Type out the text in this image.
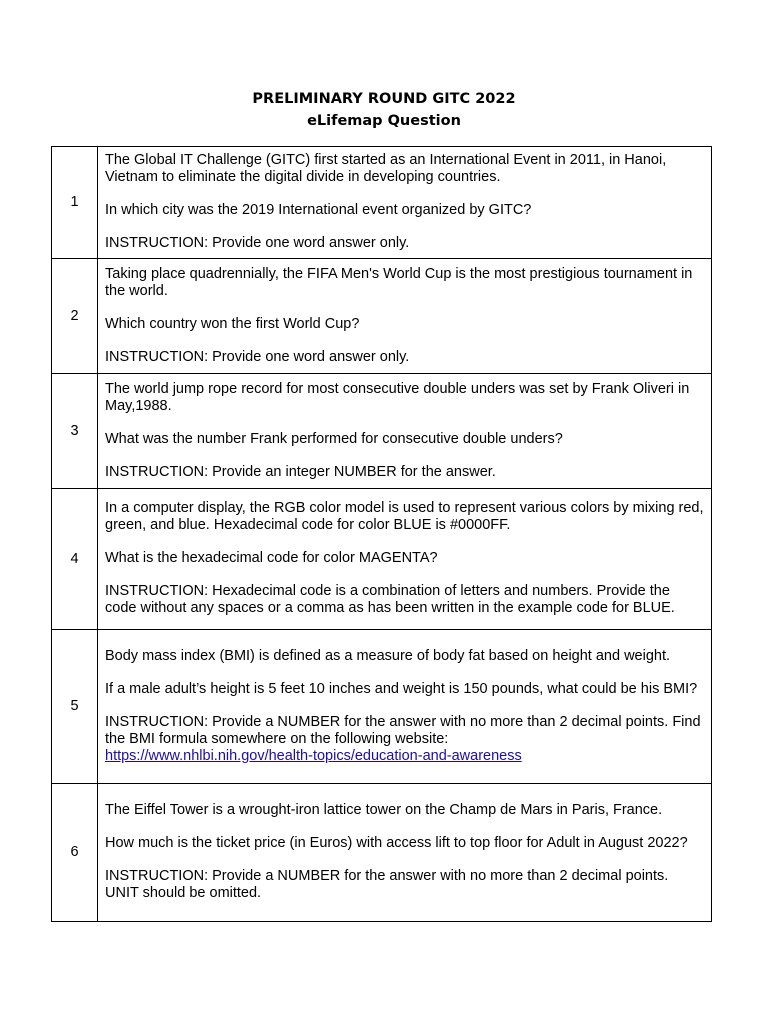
PRELIMINARY ROUND GITC 2022
eLifemap Question
1	The Global IT Challenge (GITC) first started as an International Event in 2011, in Hanoi, Vietnam to eliminate the digital divide in developing countries.

In which city was the 2019 International event organized by GITC?

INSTRUCTION: Provide one word answer only.

2	Taking place quadrennially, the FIFA Men's World Cup is the most prestigious tournament in the world.

Which country won the first World Cup?

INSTRUCTION: Provide one word answer only.

3	The world jump rope record for most consecutive double unders was set by Frank Oliveri in May,1988.

What was the number Frank performed for consecutive double unders?

INSTRUCTION: Provide an integer NUMBER for the answer.

4	In a computer display, the RGB color model is used to represent various colors by mixing red, green, and blue. Hexadecimal code for color BLUE is #0000FF.

What is the hexadecimal code for color MAGENTA?

INSTRUCTION: Hexadecimal code is a combination of letters and numbers. Provide the code without any spaces or a comma as has been written in the example code for BLUE.

5	Body mass index (BMI) is defined as a measure of body fat based on height and weight.

If a male adult’s height is 5 feet 10 inches and weight is 150 pounds, what could be his BMI?

INSTRUCTION: Provide a NUMBER for the answer with no more than 2 decimal points. Find the BMI formula somewhere on the following website:
https://www.nhlbi.nih.gov/health-topics/education-and-awareness

6	The Eiffel Tower is a wrought-iron lattice tower on the Champ de Mars in Paris, France.

How much is the ticket price (in Euros) with access lift to top floor for Adult in August 2022?

INSTRUCTION: Provide a NUMBER for the answer with no more than 2 decimal points. UNIT should be omitted.
